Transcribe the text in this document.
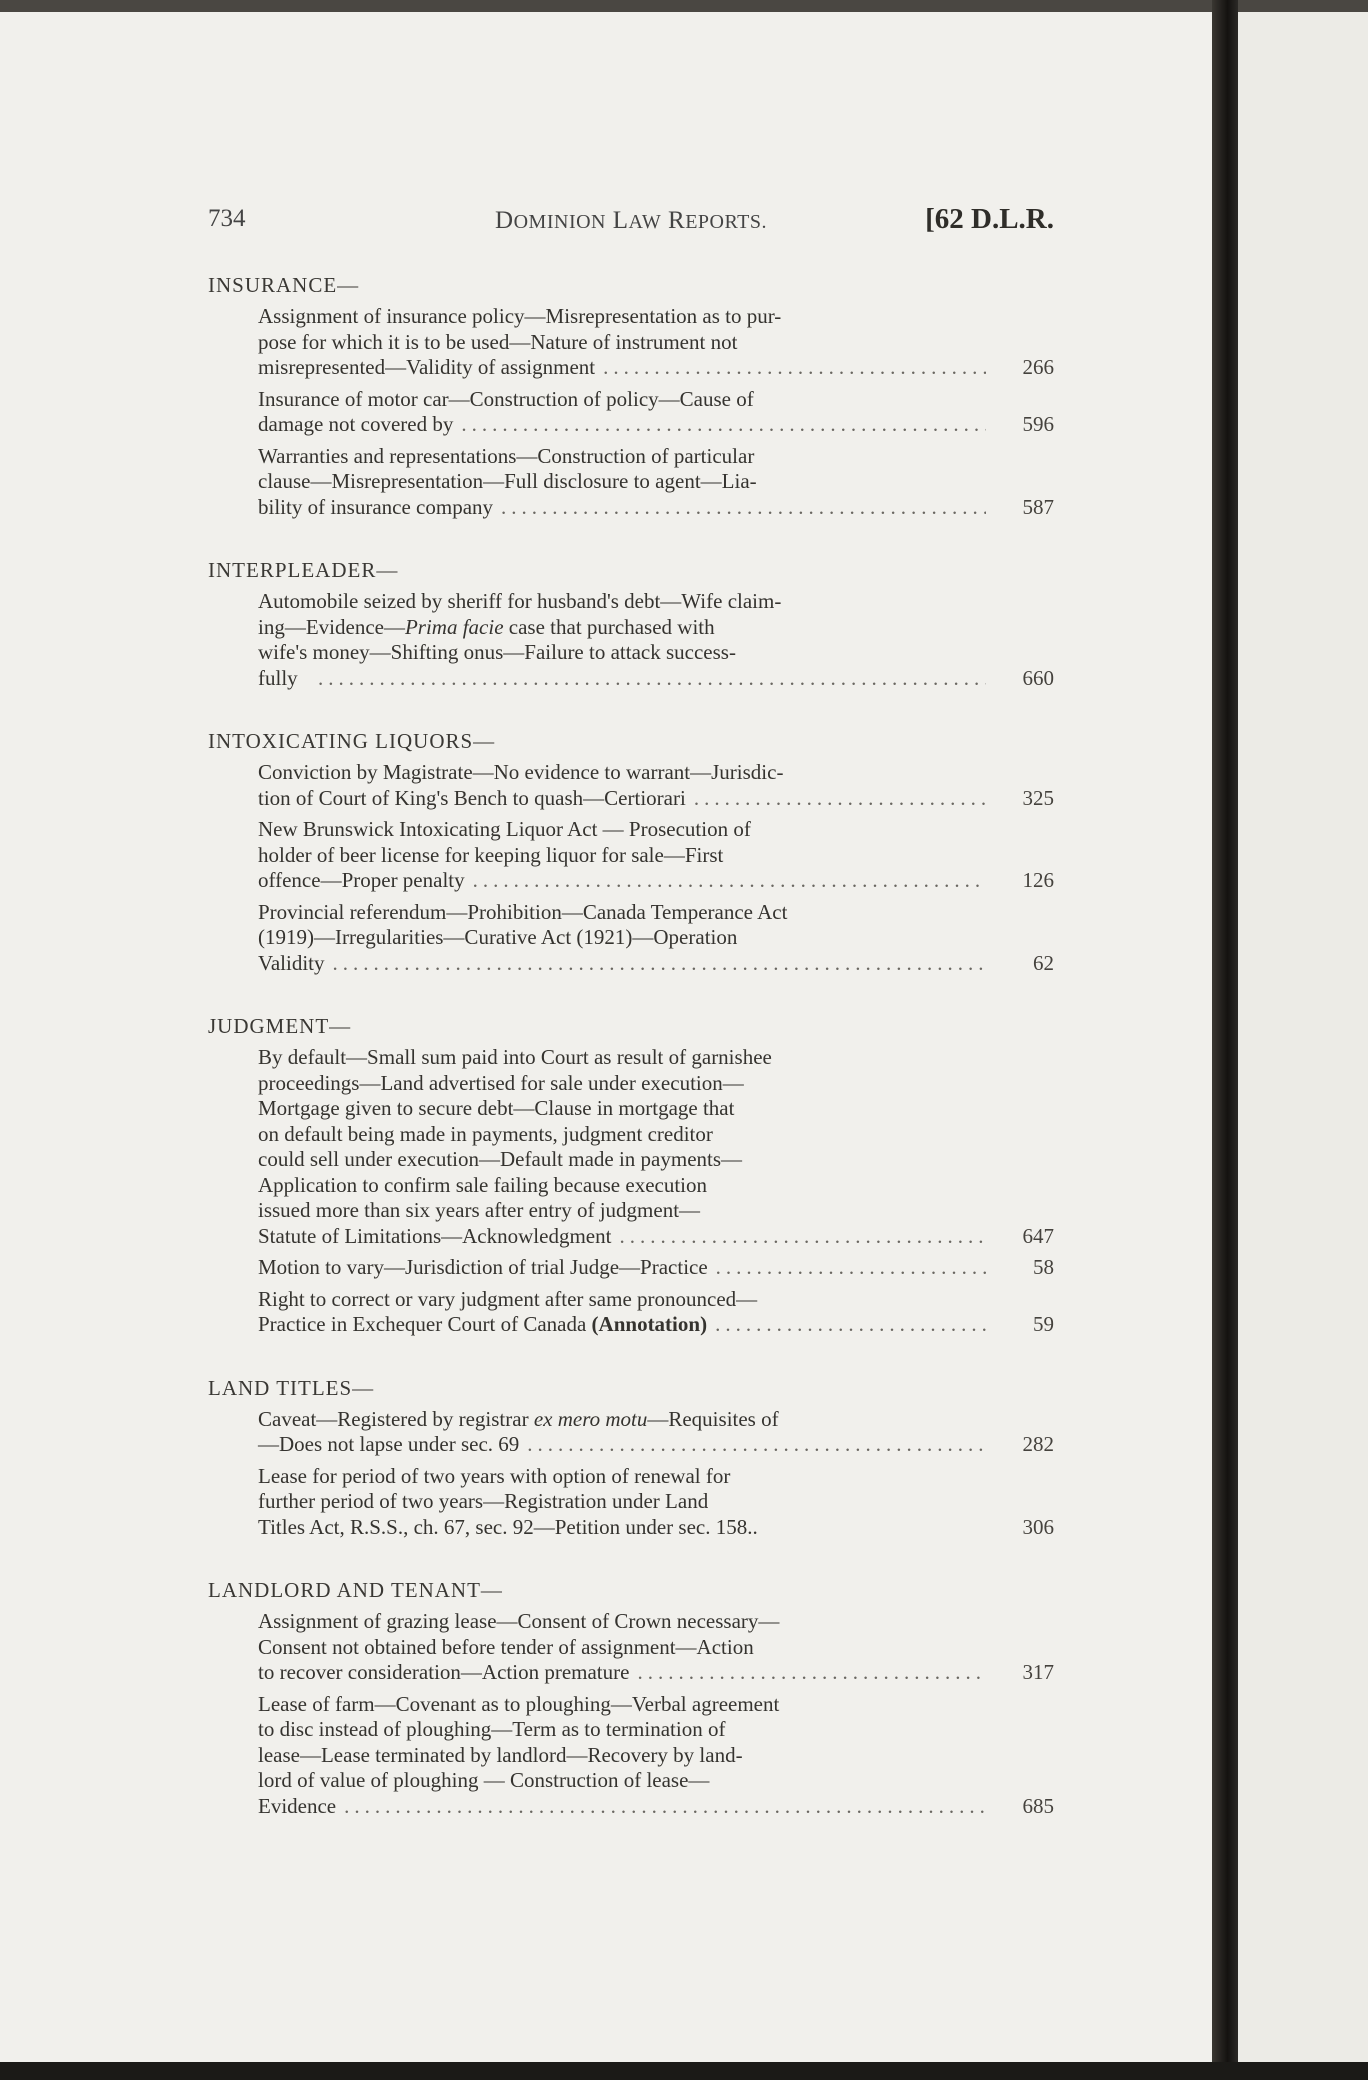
734	DOMINION LAW REPORTS.	[62 D.L.R.
INSURANCE—
Assignment of insurance policy—Misrepresentation as to pur-
pose for which it is to be used—Nature of instrument not
misrepresented—Validity of assignment .....	266
Insurance of motor car—Construction of policy—Cause of
damage not covered by .....	596
Warranties and representations—Construction of particular
clause—Misrepresentation—Full disclosure to agent—Lia-
bility of insurance company .....	587
INTERPLEADER—
Automobile seized by sheriff for husband's debt—Wife claim-
ing—Evidence—Prima facie case that purchased with
wife's money—Shifting onus—Failure to attack success-
fully .....	660
INTOXICATING LIQUORS—
Conviction by Magistrate—No evidence to warrant—Jurisdic-
tion of Court of King's Bench to quash—Certiorari .....	325
New Brunswick Intoxicating Liquor Act — Prosecution of
holder of beer license for keeping liquor for sale—First
offence—Proper penalty .....	126
Provincial referendum—Prohibition—Canada Temperance Act
(1919)—Irregularities—Curative Act (1921)—Operation
Validity .....	62
JUDGMENT—
By default—Small sum paid into Court as result of garnishee
proceedings—Land advertised for sale under execution—
Mortgage given to secure debt—Clause in mortgage that
on default being made in payments, judgment creditor
could sell under execution—Default made in payments—
Application to confirm sale failing because execution
issued more than six years after entry of judgment—
Statute of Limitations—Acknowledgment .....	647
Motion to vary—Jurisdiction of trial Judge—Practice .....	58
Right to correct or vary judgment after same pronounced—
Practice in Exchequer Court of Canada (Annotation) .....	59
LAND TITLES—
Caveat—Registered by registrar ex mero motu—Requisites of
—Does not lapse under sec. 69 .....	282
Lease for period of two years with option of renewal for
further period of two years—Registration under Land
Titles Act, R.S.S., ch. 67, sec. 92—Petition under sec. 158..	306
LANDLORD AND TENANT—
Assignment of grazing lease—Consent of Crown necessary—
Consent not obtained before tender of assignment—Action
to recover consideration—Action premature .....	317
Lease of farm—Covenant as to ploughing—Verbal agreement
to disc instead of ploughing—Term as to termination of
lease—Lease terminated by landlord—Recovery by land-
lord of value of ploughing — Construction of lease—
Evidence .....	685
